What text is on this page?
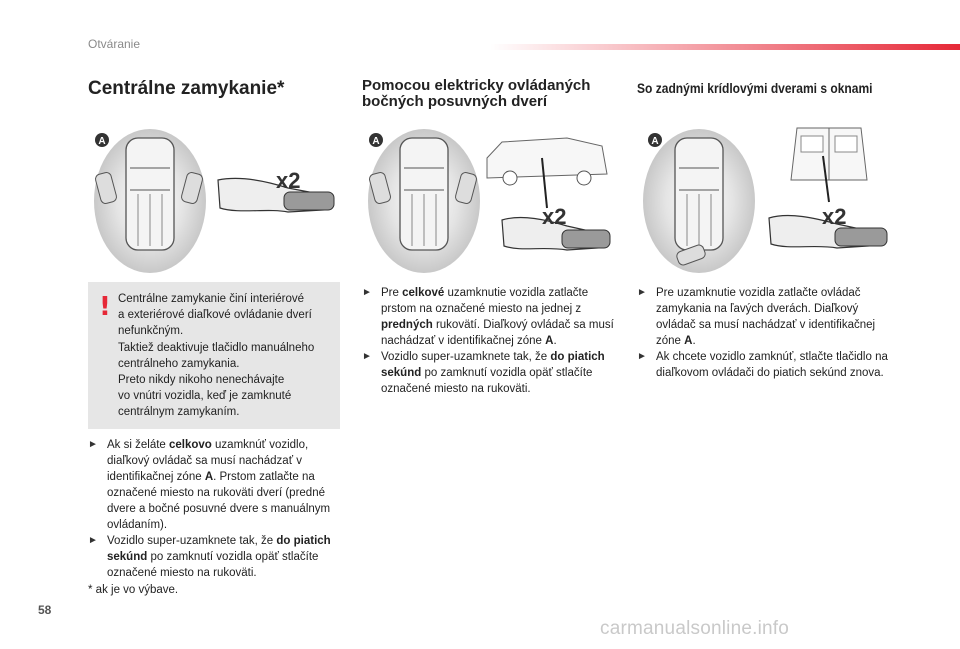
Otváranie
Centrálne zamykanie*	Pomocou elektricky ovládaných
bočných posuvných dverí
So zadnými krídlovými dverami s oknami
A
x2
A
x2
A
x2
! Centrálne zamykanie činí interiérové

a exteriérové diaľkové ovládanie dverí

nefunkčným.

Taktiež deaktivuje tlačidlo manuálneho

centrálneho zamykania.

Preto nikdy nikoho nenechávajte

vo vnútri vozidla, keď je zamknuté

centrálnym zamykaním.

► Ak si želáte celkovo uzamknúť vozidlo, diaľkový ovládač sa musí nachádzať v identifikačnej zóne A. Prstom zatlačte na označené miesto na rukoväti dverí (predné dvere a bočné posuvné dvere s manuálnym ovládaním).
► Vozidlo super-uzamknete tak, že do piatich sekúnd po zamknutí vozidla opäť stlačíte označené miesto na rukoväti.
* ak je vo výbave.
► Pre celkové uzamknutie vozidla zatlačte prstom na označené miesto na jednej z predných rukovätí. Diaľkový ovládač sa musí nachádzať v identifikačnej zóne A.
► Vozidlo super-uzamknete tak, že do piatich sekúnd po zamknutí vozidla opäť stlačíte označené miesto na rukoväti.
► Pre uzamknutie vozidla zatlačte ovládač zamykania na ľavých dverách. Diaľkový ovládač sa musí nachádzať v identifikačnej zóne A.
► Ak chcete vozidlo zamknúť, stlačte tlačidlo na diaľkovom ovládači do piatich sekúnd znova.
58
carmanualsonline.info
